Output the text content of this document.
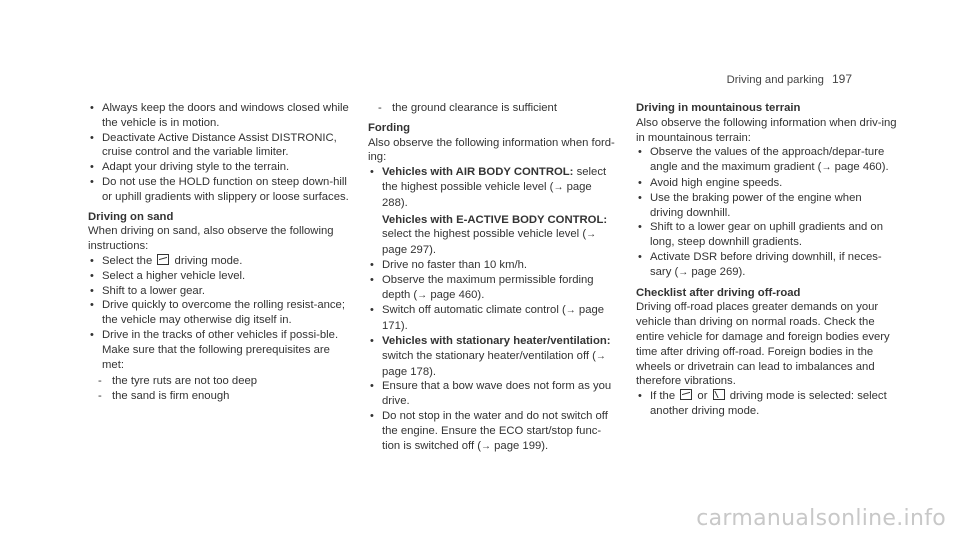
Driving and parking 197
• Always keep the doors and windows closed while the vehicle is in motion.
• Deactivate Active Distance Assist DISTRONIC, cruise control and the variable limiter.
• Adapt your driving style to the terrain.
• Do not use the HOLD function on steep down-hill or uphill gradients with slippery or loose surfaces.
Driving on sand
When driving on sand, also observe the following instructions:
• Select the driving mode.
• Select a higher vehicle level.
• Shift to a lower gear.
• Drive quickly to overcome the rolling resist-ance; the vehicle may otherwise dig itself in.
• Drive in the tracks of other vehicles if possi-ble. Make sure that the following prerequisites are met:
- the tyre ruts are not too deep
- the sand is firm enough
- the ground clearance is sufficient
Fording
Also observe the following information when ford-ing:
• Vehicles with AIR BODY CONTROL: select the highest possible vehicle level (→ page 288).
Vehicles with E-ACTIVE BODY CONTROL: select the highest possible vehicle level (→ page 297).
• Drive no faster than 10 km/h.
• Observe the maximum permissible fording depth (→ page 460).
• Switch off automatic climate control (→ page 171).
• Vehicles with stationary heater/ventilation: switch the stationary heater/ventilation off (→ page 178).
• Ensure that a bow wave does not form as you drive.
• Do not stop in the water and do not switch off the engine. Ensure the ECO start/stop func-tion is switched off (→ page 199).
Driving in mountainous terrain
Also observe the following information when driv-ing in mountainous terrain:
• Observe the values of the approach/depar-ture angle and the maximum gradient (→ page 460).
• Avoid high engine speeds.
• Use the braking power of the engine when driving downhill.
• Shift to a lower gear on uphill gradients and on long, steep downhill gradients.
• Activate DSR before driving downhill, if neces-sary (→ page 269).
Checklist after driving off-road
Driving off-road places greater demands on your vehicle than driving on normal roads. Check the entire vehicle for damage and foreign bodies every time after driving off-road. Foreign bodies in the wheels or drivetrain can lead to imbalances and therefore vibrations.
• If the or driving mode is selected: select another driving mode.
carmanualsonline.info
